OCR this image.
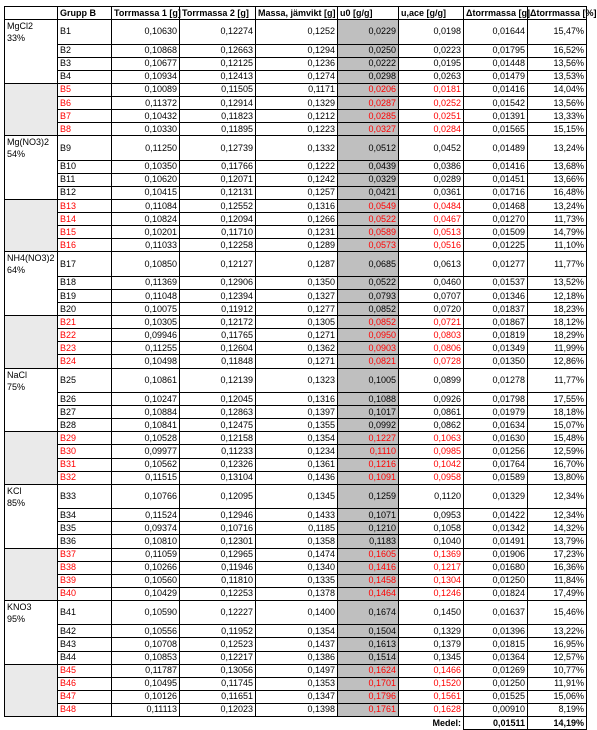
	Grupp B	Torrmassa 1 [g]	Torrmassa 2 [g]	Massa, jämvikt [g]	u0 [g/g]	u,ace [g/g]	Δtorrmassa [g]	Δtorrmassa [%]

MgCl2
33%	B1	0,10630	0,12274	0,1252	0,0229	0,0198	0,01644	15,47%
	B2	0,10868	0,12663	0,1294	0,0250	0,0223	0,01795	16,52%
	B3	0,10677	0,12125	0,1236	0,0222	0,0195	0,01448	13,56%
	B4	0,10934	0,12413	0,1274	0,0298	0,0263	0,01479	13,53%
	B5	0,10089	0,11505	0,1171	0,0206	0,0181	0,01416	14,04%
	B6	0,11372	0,12914	0,1329	0,0287	0,0252	0,01542	13,56%
	B7	0,10432	0,11823	0,1212	0,0285	0,0251	0,01391	13,33%
	B8	0,10330	0,11895	0,1223	0,0327	0,0284	0,01565	15,15%

Mg(NO3)2
54%	B9	0,11250	0,12739	0,1332	0,0512	0,0452	0,01489	13,24%
	B10	0,10350	0,11766	0,1222	0,0439	0,0386	0,01416	13,68%
	B11	0,10620	0,12071	0,1242	0,0329	0,0289	0,01451	13,66%
	B12	0,10415	0,12131	0,1257	0,0421	0,0361	0,01716	16,48%
	B13	0,11084	0,12552	0,1316	0,0549	0,0484	0,01468	13,24%
	B14	0,10824	0,12094	0,1266	0,0522	0,0467	0,01270	11,73%
	B15	0,10201	0,11710	0,1231	0,0589	0,0513	0,01509	14,79%
	B16	0,11033	0,12258	0,1289	0,0573	0,0516	0,01225	11,10%

NH4(NO3)2
64%	B17	0,10850	0,12127	0,1287	0,0685	0,0613	0,01277	11,77%
	B18	0,11369	0,12906	0,1350	0,0522	0,0460	0,01537	13,52%
	B19	0,11048	0,12394	0,1327	0,0793	0,0707	0,01346	12,18%
	B20	0,10075	0,11912	0,1277	0,0852	0,0720	0,01837	18,23%
	B21	0,10305	0,12172	0,1305	0,0852	0,0721	0,01867	18,12%
	B22	0,09946	0,11765	0,1271	0,0950	0,0803	0,01819	18,29%
	B23	0,11255	0,12604	0,1362	0,0903	0,0806	0,01349	11,99%
	B24	0,10498	0,11848	0,1271	0,0821	0,0728	0,01350	12,86%

NaCl
75%	B25	0,10861	0,12139	0,1323	0,1005	0,0899	0,01278	11,77%
	B26	0,10247	0,12045	0,1316	0,1088	0,0926	0,01798	17,55%
	B27	0,10884	0,12863	0,1397	0,1017	0,0861	0,01979	18,18%
	B28	0,10841	0,12475	0,1355	0,0992	0,0862	0,01634	15,07%
	B29	0,10528	0,12158	0,1354	0,1227	0,1063	0,01630	15,48%
	B30	0,09977	0,11233	0,1234	0,1110	0,0985	0,01256	12,59%
	B31	0,10562	0,12326	0,1361	0,1216	0,1042	0,01764	16,70%
	B32	0,11515	0,13104	0,1436	0,1091	0,0958	0,01589	13,80%

KCl
85%	B33	0,10766	0,12095	0,1345	0,1259	0,1120	0,01329	12,34%
	B34	0,11524	0,12946	0,1433	0,1071	0,0953	0,01422	12,34%
	B35	0,09374	0,10716	0,1185	0,1210	0,1058	0,01342	14,32%
	B36	0,10810	0,12301	0,1358	0,1183	0,1040	0,01491	13,79%
	B37	0,11059	0,12965	0,1474	0,1605	0,1369	0,01906	17,23%
	B38	0,10266	0,11946	0,1340	0,1416	0,1217	0,01680	16,36%
	B39	0,10560	0,11810	0,1335	0,1458	0,1304	0,01250	11,84%
	B40	0,10429	0,12253	0,1378	0,1464	0,1246	0,01824	17,49%

KNO3
95%	B41	0,10590	0,12227	0,1400	0,1674	0,1450	0,01637	15,46%
	B42	0,10556	0,11952	0,1354	0,1504	0,1329	0,01396	13,22%
	B43	0,10708	0,12523	0,1437	0,1613	0,1379	0,01815	16,95%
	B44	0,10853	0,12217	0,1386	0,1514	0,1345	0,01364	12,57%
	B45	0,11787	0,13056	0,1497	0,1624	0,1466	0,01269	10,77%
	B46	0,10495	0,11745	0,1353	0,1701	0,1520	0,01250	11,91%
	B47	0,10126	0,11651	0,1347	0,1796	0,1561	0,01525	15,06%
	B48	0,11113	0,12023	0,1398	0,1761	0,1628	0,00910	8,19%
						Medel:	0,01511	14,19%
